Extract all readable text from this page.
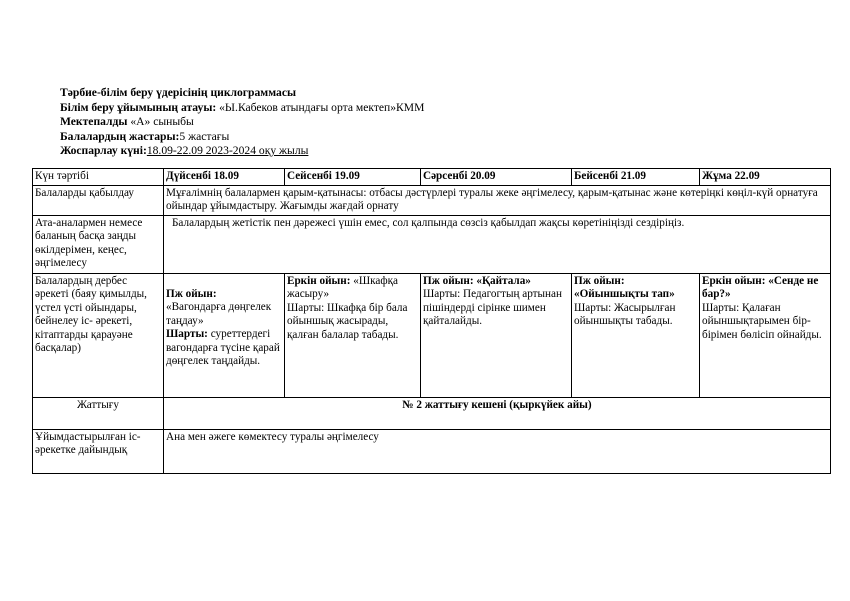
Тәрбие-білім беру үдерісінің циклограммасы
Білім беру ұйымының атауы: «Ы.Кабеков атындағы орта мектеп»КММ
Мектепалды «А» сыныбы
Балалардың жастары:5 жастағы
Жоспарлау күні:18.09-22.09 2023-2024 оқу жылы
Күн тәртібі	Дүйсенбі 18.09	Сейсенбі 19.09	Сәрсенбі 20.09	Бейсенбі 21.09	Жұма 22.09
Балаларды қабылдау	Мұғалімнің балалармен қарым-қатынасы: отбасы дәстүрлері туралы жеке әңгімелесу, қарым-қатынас және көтеріңкі көңіл-күй орнатуға ойындар ұйымдастыру. Жағымды жағдай орнату				
Ата-аналармен немесе баланың басқа заңды өкілдерімен, кеңес, әңгімелесу	Балалардың жетістік пен дәрежесі үшін емес, сол қалпында сөзсіз қабылдап жақсы көретініңізді сездіріңіз.				
Балалардың дербес әрекеті (баяу қимылды, үстел үсті ойындары, бейнелеу іс- әрекеті, кітаптарды қарауәне басқалар)	Пж ойын:
«Вагондарға дөңгелек таңдау»
Шарты: суреттердегі вагондарға түсіне қарай дөңгелек таңдайды.	Еркін ойын: «Шкафқа жасыру»
Шарты: Шкафқа бір бала ойыншық жасырады, қалған балалар табады.	Пж ойын: «Қайтала»
Шарты: Педагогтың артынан пішіндерді сірінке шимен қайталайды.	Пж ойын: «Ойыншықты тап»
Шарты: Жасырылған ойыншықты табады.	Еркін ойын: «Сенде не бар?»
Шарты: Қалаған ойыншықтарымен бір-бірімен бөлісіп ойнайды.
Жаттығу	№ 2 жаттығу кешені (қыркүйек айы)				
Ұйымдастырылған іс-әрекетке дайындық	Ана мен әжеге көмектесу туралы әңгімелесу				
